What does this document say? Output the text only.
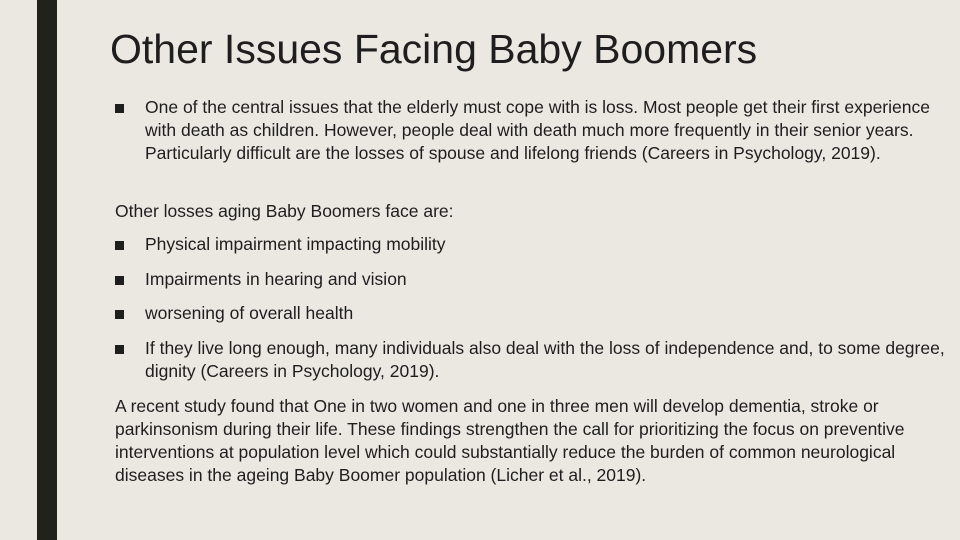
Other Issues Facing Baby Boomers
One of the central issues that the elderly must cope with is loss. Most people get their first experience with death as children. However, people deal with death much more frequently in their senior years. Particularly difficult are the losses of spouse and lifelong friends (Careers in Psychology, 2019).

Other losses aging Baby Boomers face are:

Physical impairment impacting mobility
Impairments in hearing and vision
worsening of overall health
If they live long enough, many individuals also deal with the loss of independence and, to some degree, dignity (Careers in Psychology, 2019).

A recent study found that One in two women and one in three men will develop dementia, stroke or parkinsonism during their life. These findings strengthen the call for prioritizing the focus on preventive interventions at population level which could substantially reduce the burden of common neurological diseases in the ageing Baby Boomer population (Licher et al., 2019).
